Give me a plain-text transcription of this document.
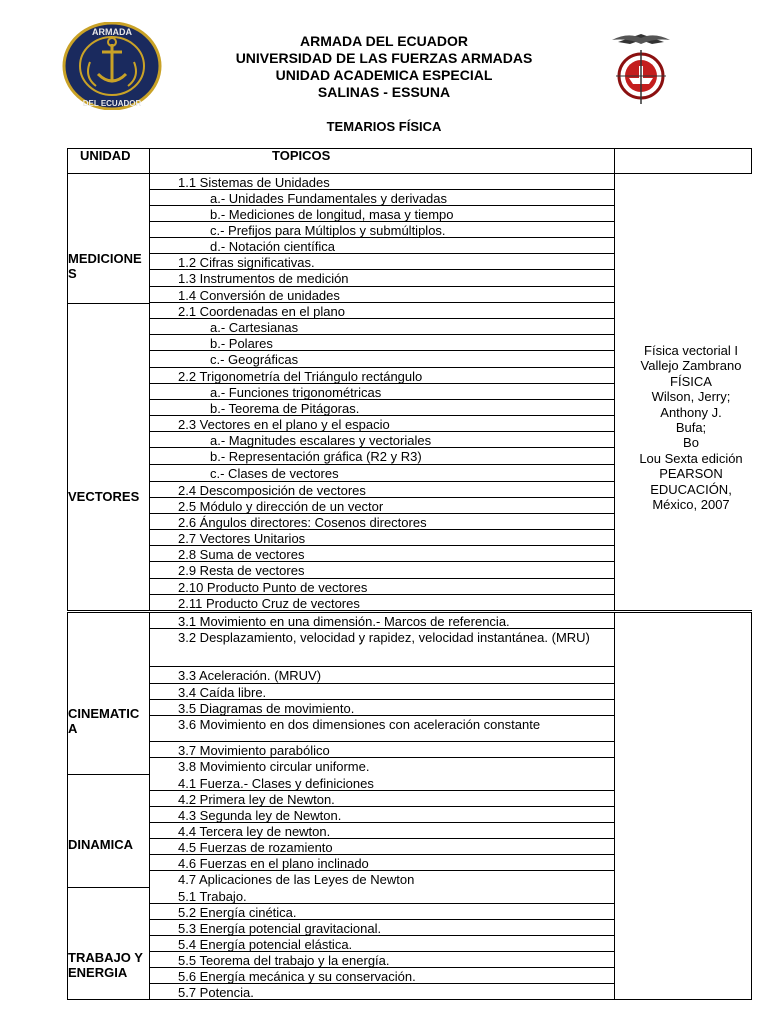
ARMADA
DEL ECUADOR
ARMADA DEL ECUADOR
UNIVERSIDAD DE LAS FUERZAS ARMADAS
UNIDAD ACADEMICA ESPECIAL
SALINAS - ESSUNA
TEMARIOS FÍSICA
UNIDAD	TOPICOS
MEDICIONES
VECTORES
CINEMATICA
DINAMICA
TRABAJO Y ENERGIA
1.1 Sistemas de Unidades
a.- Unidades Fundamentales y derivadas
b.- Mediciones de longitud, masa y tiempo
c.- Prefijos para Múltiplos y submúltiplos.
d.- Notación científica
1.2 Cifras significativas.
1.3 Instrumentos de medición
1.4 Conversión de unidades
2.1 Coordenadas en el plano
a.- Cartesianas
b.- Polares
c.- Geográficas
2.2 Trigonometría del Triángulo rectángulo
a.- Funciones trigonométricas
b.- Teorema de Pitágoras.
2.3 Vectores en el plano y el espacio
a.- Magnitudes escalares y vectoriales
b.- Representación gráfica (R2 y R3)
c.- Clases de vectores
2.4 Descomposición de vectores
2.5 Módulo y dirección de un vector
2.6 Ángulos directores: Cosenos directores
2.7 Vectores Unitarios
2.8 Suma de vectores
2.9 Resta de vectores
2.10 Producto Punto de vectores
2.11 Producto Cruz de vectores
3.1 Movimiento en una dimensión.- Marcos de referencia.
3.2 Desplazamiento, velocidad y rapidez, velocidad instantánea. (MRU)
3.3 Aceleración. (MRUV)
3.4 Caída libre.
3.5 Diagramas de movimiento.
3.6 Movimiento en dos dimensiones con aceleración constante
3.7 Movimiento parabólico
3.8 Movimiento circular uniforme.
4.1 Fuerza.- Clases y definiciones
4.2 Primera ley de Newton.
4.3 Segunda ley de Newton.
4.4 Tercera ley de newton.
4.5 Fuerzas de rozamiento
4.6 Fuerzas en el plano inclinado
4.7 Aplicaciones de las Leyes de Newton
5.1 Trabajo.
5.2 Energía cinética.
5.3 Energía potencial gravitacional.
5.4 Energía potencial elástica.
5.5 Teorema del trabajo y la energía.
5.6 Energía mecánica y su conservación.
5.7 Potencia.
Física vectorial I
Vallejo Zambrano
FÍSICA
Wilson, Jerry;
Anthony J.
Bufa;
Bo
Lou Sexta edición
PEARSON
EDUCACIÓN,
México, 2007
